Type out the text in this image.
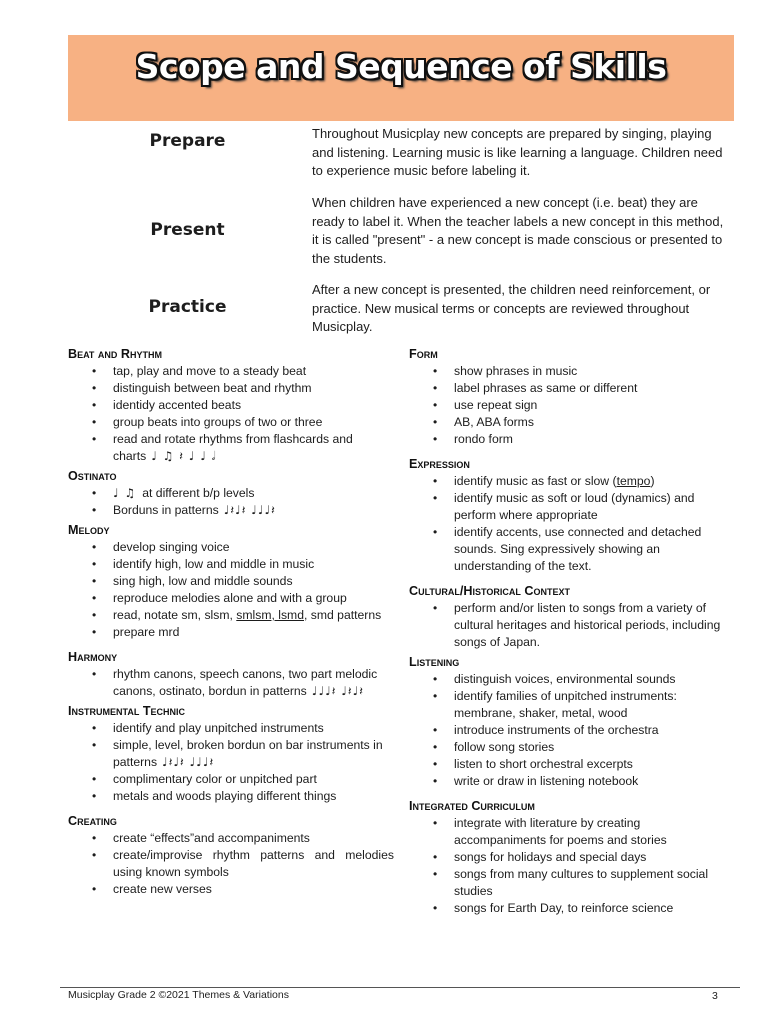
Scope and Sequence of Skills
Prepare	Throughout Musicplay new concepts are prepared by singing, playing and listening. Learning music is like learning a language. Children need to experience music before labeling it.
Present
When children have experienced a new concept (i.e. beat) they are ready to label it. When the teacher labels a new concept in this method, it is called "present" - a new concept is made conscious or presented to the students.
Practice
After a new concept is presented, the children need reinforcement, or practice. New musical terms or concepts are reviewed throughout Musicplay.
Beat and Rhythm
• tap, play and move to a steady beat
• distinguish between beat and rhythm
• identidy accented beats
• group beats into groups of two or three
• read and rotate rhythms from flashcards and charts ♩ ♫ 𝄽 ♩ ♩ 𝅗𝅥
Ostinato
• ♩ ♫ at different b/p levels
• Borduns in patterns ♩𝄽♩𝄽 ♩♩♩𝄽
Melody
• develop singing voice
• identify high, low and middle in music
• sing high, low and middle sounds
• reproduce melodies alone and with a group
• read, notate sm, slsm, smlsm, lsmd, smd patterns
• prepare mrd
Harmony
• rhythm canons, speech canons, two part melodic canons, ostinato, bordun in patterns ♩♩♩𝄽 ♩𝄽♩𝄽
Instrumental Technic
• identify and play unpitched instruments
• simple, level, broken bordun on bar instruments in patterns ♩𝄽♩𝄽 ♩♩♩𝄽
• complimentary color or unpitched part
• metals and woods playing different things
Creating
• create “effects”and accompaniments
• create/improvise rhythm patterns and melodies using known symbols
• create new verses
Form
• show phrases in music
• label phrases as same or different
• use repeat sign
• AB, ABA forms
• rondo form
Expression
• identify music as fast or slow (tempo)
• identify music as soft or loud (dynamics) and perform where appropriate
• identify accents, use connected and detached sounds. Sing expressively showing an understanding of the text.
Cultural/Historical Context
• perform and/or listen to songs from a variety of cultural heritages and historical periods, including songs of Japan.
Listening
• distinguish voices, environmental sounds
• identify families of unpitched instruments: membrane, shaker, metal, wood
• introduce instruments of the orchestra
• follow song stories
• listen to short orchestral excerpts
• write or draw in listening notebook
Integrated Curriculum
• integrate with literature by creating accompaniments for poems and stories
• songs for holidays and special days
• songs from many cultures to supplement social studies
• songs for Earth Day, to reinforce science
Musicplay Grade 2 ©2021 Themes & Variations	3
